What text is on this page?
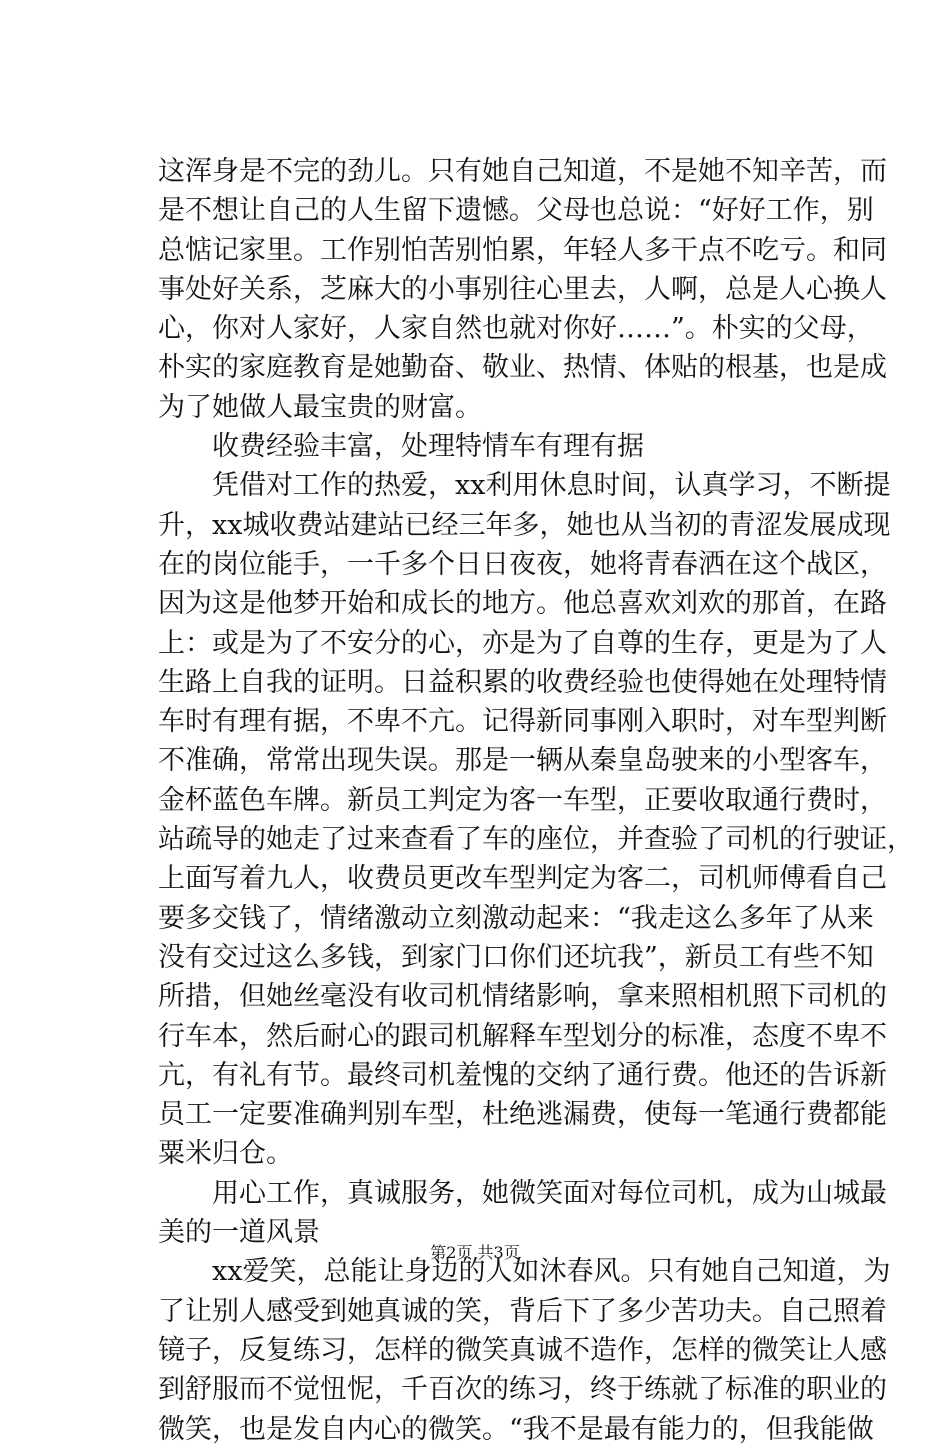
这浑身是不完的劲儿。只有她自己知道，不是她不知辛苦，而
是不想让自己的人生留下遗憾。父母也总说：“好好工作，别
总惦记家里。工作别怕苦别怕累，年轻人多干点不吃亏。和同
事处好关系，芝麻大的小事别往心里去，人啊，总是人心换人
心，你对人家好，人家自然也就对你好……”。朴实的父母，
朴实的家庭教育是她勤奋、敬业、热情、体贴的根基，也是成
为了她做人最宝贵的财富。
收费经验丰富，处理特情车有理有据
凭借对工作的热爱，xx利用休息时间，认真学习，不断提
升，xx城收费站建站已经三年多，她也从当初的青涩发展成现
在的岗位能手，一千多个日日夜夜，她将青春洒在这个战区，
因为这是他梦开始和成长的地方。他总喜欢刘欢的那首，在路
上：或是为了不安分的心，亦是为了自尊的生存，更是为了人
生路上自我的证明。日益积累的收费经验也使得她在处理特情
车时有理有据，不卑不亢。记得新同事刚入职时，对车型判断
不准确，常常出现失误。那是一辆从秦皇岛驶来的小型客车，
金杯蓝色车牌。新员工判定为客一车型，正要收取通行费时，
站疏导的她走了过来查看了车的座位，并查验了司机的行驶证，
上面写着九人，收费员更改车型判定为客二，司机师傅看自己
要多交钱了，情绪激动立刻激动起来：“我走这么多年了从来
没有交过这么多钱，到家门口你们还坑我”，新员工有些不知
所措，但她丝毫没有收司机情绪影响，拿来照相机照下司机的
行车本，然后耐心的跟司机解释车型划分的标准，态度不卑不
亢，有礼有节。最终司机羞愧的交纳了通行费。他还的告诉新
员工一定要准确判别车型，杜绝逃漏费，使每一笔通行费都能
粟米归仓。
用心工作，真诚服务，她微笑面对每位司机，成为山城最
美的一道风景
xx爱笑，总能让身边的人如沐春风。只有她自己知道，为
了让别人感受到她真诚的笑，背后下了多少苦功夫。自己照着
镜子，反复练习，怎样的微笑真诚不造作，怎样的微笑让人感
到舒服而不觉忸怩，千百次的练习，终于练就了标准的职业的
微笑，也是发自内心的微笑。“我不是最有能力的，但我能做
第2页 共3页
